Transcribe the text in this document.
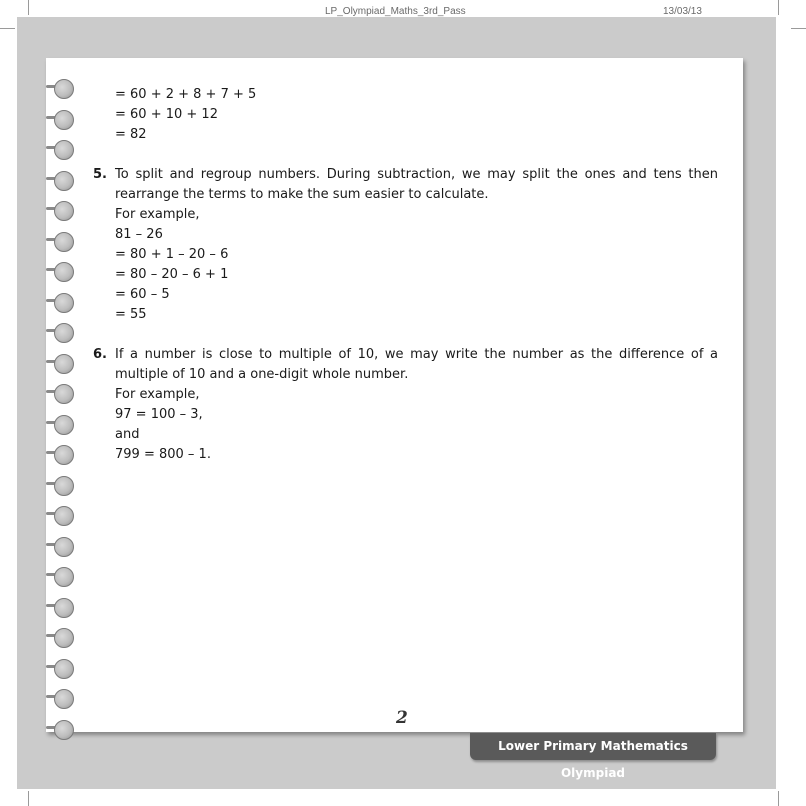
LP_Olympiad_Maths_3rd_Pass	13/03/13
= 60 + 2 + 8 + 7 + 5
= 60 + 10 + 12
= 82
5. To split and regroup numbers. During subtraction, we may split the ones and tens then rearrange the terms to make the sum easier to calculate.
For example,
81 – 26
= 80 + 1 – 20 – 6
= 80 – 20 – 6 + 1
= 60 – 5
= 55
6. If a number is close to multiple of 10, we may write the number as the difference of a multiple of 10 and a one-digit whole number.
For example,
97 = 100 – 3,
and
799 = 800 – 1.
2
Lower Primary Mathematics Olympiad
